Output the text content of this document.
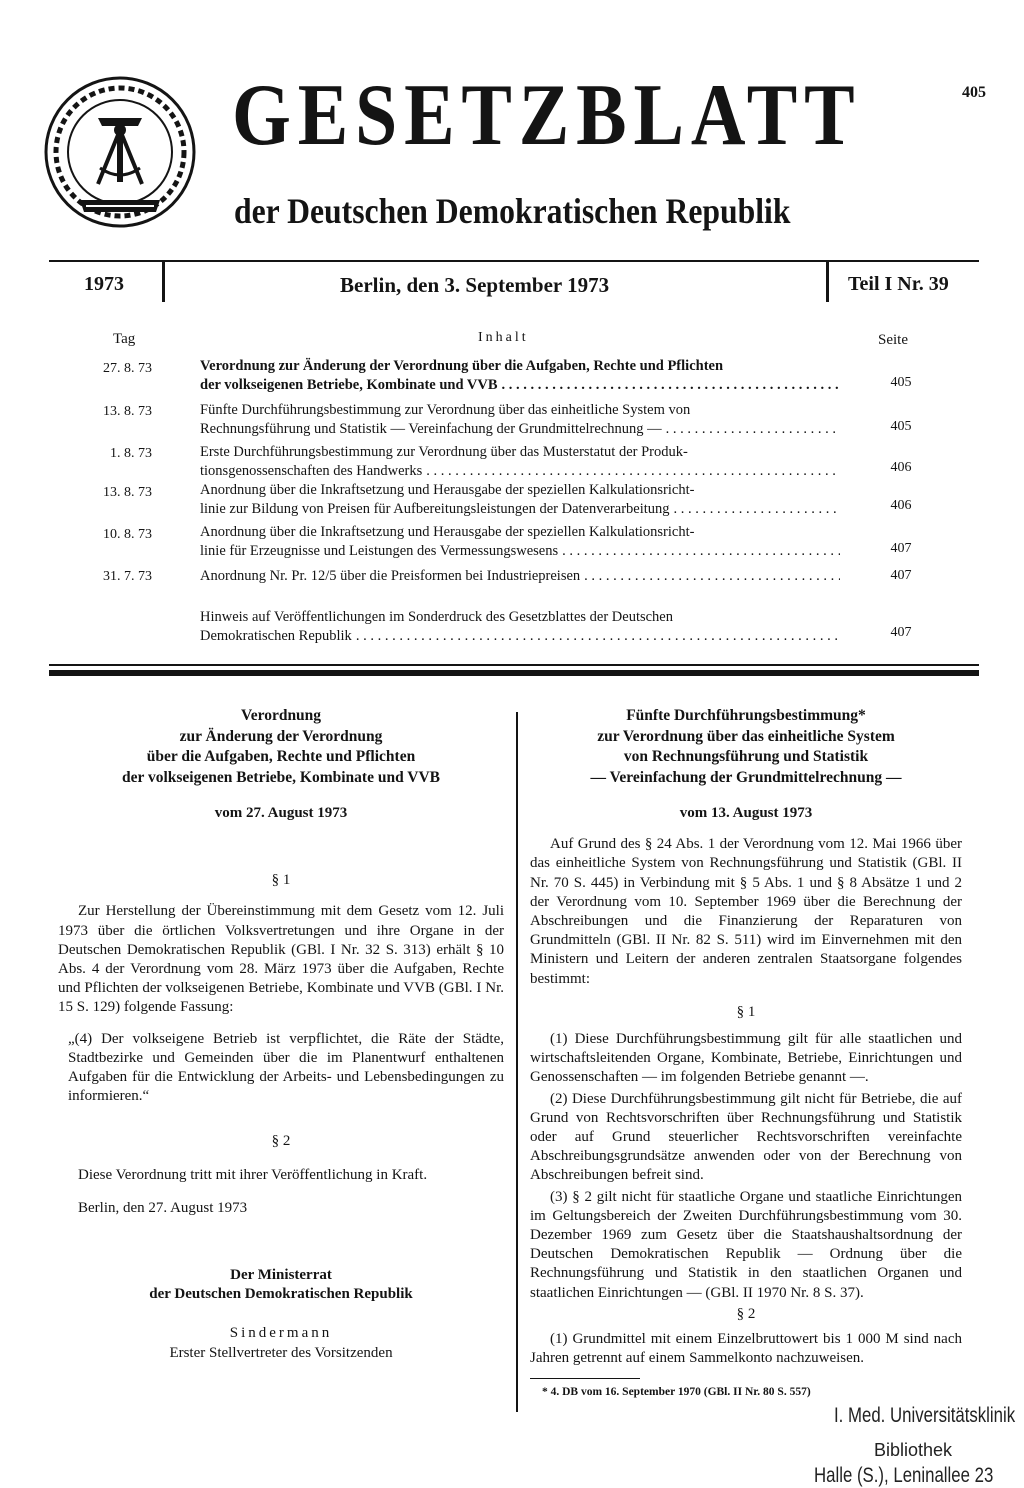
GESETZBLATT	405
der Deutschen Demokratischen Republik
1973	Berlin, den 3. September 1973	Teil I Nr. 39
Tag	Inhalt	Seite
27. 8. 73	Verordnung zur Änderung der Verordnung über die Aufgaben, Rechte und Pflichten
der volkseigenen Betriebe, Kombinate und VVB . . .	405
13. 8. 73	Fünfte Durchführungsbestimmung zur Verordnung über das einheitliche System von
Rechnungsführung und Statistik — Vereinfachung der Grundmittelrechnung — . . .	405
1. 8. 73	Erste Durchführungsbestimmung zur Verordnung über das Musterstatut der Produk-
tionsgenossenschaften des Handwerks . . .	406
13. 8. 73	Anordnung über die Inkraftsetzung und Herausgabe der speziellen Kalkulationsricht-
linie zur Bildung von Preisen für Aufbereitungsleistungen der Datenverarbeitung . . .	406
10. 8. 73	Anordnung über die Inkraftsetzung und Herausgabe der speziellen Kalkulationsricht-
linie für Erzeugnisse und Leistungen des Vermessungswesens . . .	407
31. 7. 73	Anordnung Nr. Pr. 12/5 über die Preisformen bei Industriepreisen . . .	407
Hinweis auf Veröffentlichungen im Sonderdruck des Gesetzblattes der Deutschen
Demokratischen Republik . . .	407
Verordnung
zur Änderung der Verordnung
über die Aufgaben, Rechte und Pflichten
der volkseigenen Betriebe, Kombinate und VVB
vom 27. August 1973
§ 1

Zur Herstellung der Übereinstimmung mit dem Gesetz vom 12. Juli 1973 über die örtlichen Volksvertretungen und ihre Organe in der Deutschen Demokratischen Republik (GBl. I Nr. 32 S. 313) erhält § 10 Abs. 4 der Verordnung vom 28. März 1973 über die Aufgaben, Rechte und Pflichten der volkseigenen Betriebe, Kombinate und VVB (GBl. I Nr. 15 S. 129) folgende Fassung:

„(4) Der volkseigene Betrieb ist verpflichtet, die Räte der Städte, Stadtbezirke und Gemeinden über die im Planentwurf enthaltenen Aufgaben für die Entwicklung der Arbeits- und Lebensbedingungen zu informieren.“

§ 2

Diese Verordnung tritt mit ihrer Veröffentlichung in Kraft.

Berlin, den 27. August 1973

Der Ministerrat
der Deutschen Demokratischen Republik
Sindermann
Erster Stellvertreter des Vorsitzenden
Fünfte Durchführungsbestimmung*
zur Verordnung über das einheitliche System
von Rechnungsführung und Statistik
— Vereinfachung der Grundmittelrechnung —
vom 13. August 1973

Auf Grund des § 24 Abs. 1 der Verordnung vom 12. Mai 1966 über das einheitliche System von Rechnungsführung und Statistik (GBl. II Nr. 70 S. 445) in Verbindung mit § 5 Abs. 1 und § 8 Absätze 1 und 2 der Verordnung vom 10. September 1969 über die Berechnung der Abschreibungen und die Finanzierung der Reparaturen von Grundmitteln (GBl. II Nr. 82 S. 511) wird im Einvernehmen mit den Ministern und Leitern der anderen zentralen Staatsorgane folgendes bestimmt:

§ 1

(1) Diese Durchführungsbestimmung gilt für alle staatlichen und wirtschaftsleitenden Organe, Kombinate, Betriebe, Einrichtungen und Genossenschaften — im folgenden Betriebe genannt —.

(2) Diese Durchführungsbestimmung gilt nicht für Betriebe, die auf Grund von Rechtsvorschriften über Rechnungsführung und Statistik oder auf Grund steuerlicher Rechtsvorschriften vereinfachte Abschreibungsgrundsätze anwenden oder von der Berechnung von Abschreibungen befreit sind.

(3) § 2 gilt nicht für staatliche Organe und staatliche Einrichtungen im Geltungsbereich der Zweiten Durchführungsbestimmung vom 30. Dezember 1969 zum Gesetz über die Staatshaushaltsordnung der Deutschen Demokratischen Republik — Ordnung über die Rechnungsführung und Statistik in den staatlichen Organen und staatlichen Einrichtungen — (GBl. II 1970 Nr. 8 S. 37).

§ 2

(1) Grundmittel mit einem Einzelbruttowert bis 1 000 M sind nach Jahren getrennt auf einem Sammelkonto nachzuweisen.

* 4. DB vom 16. September 1970 (GBl. II Nr. 80 S. 557)
I. Med. Universitätsklinik
Bibliothek
Halle (S.), Leninallee 23
